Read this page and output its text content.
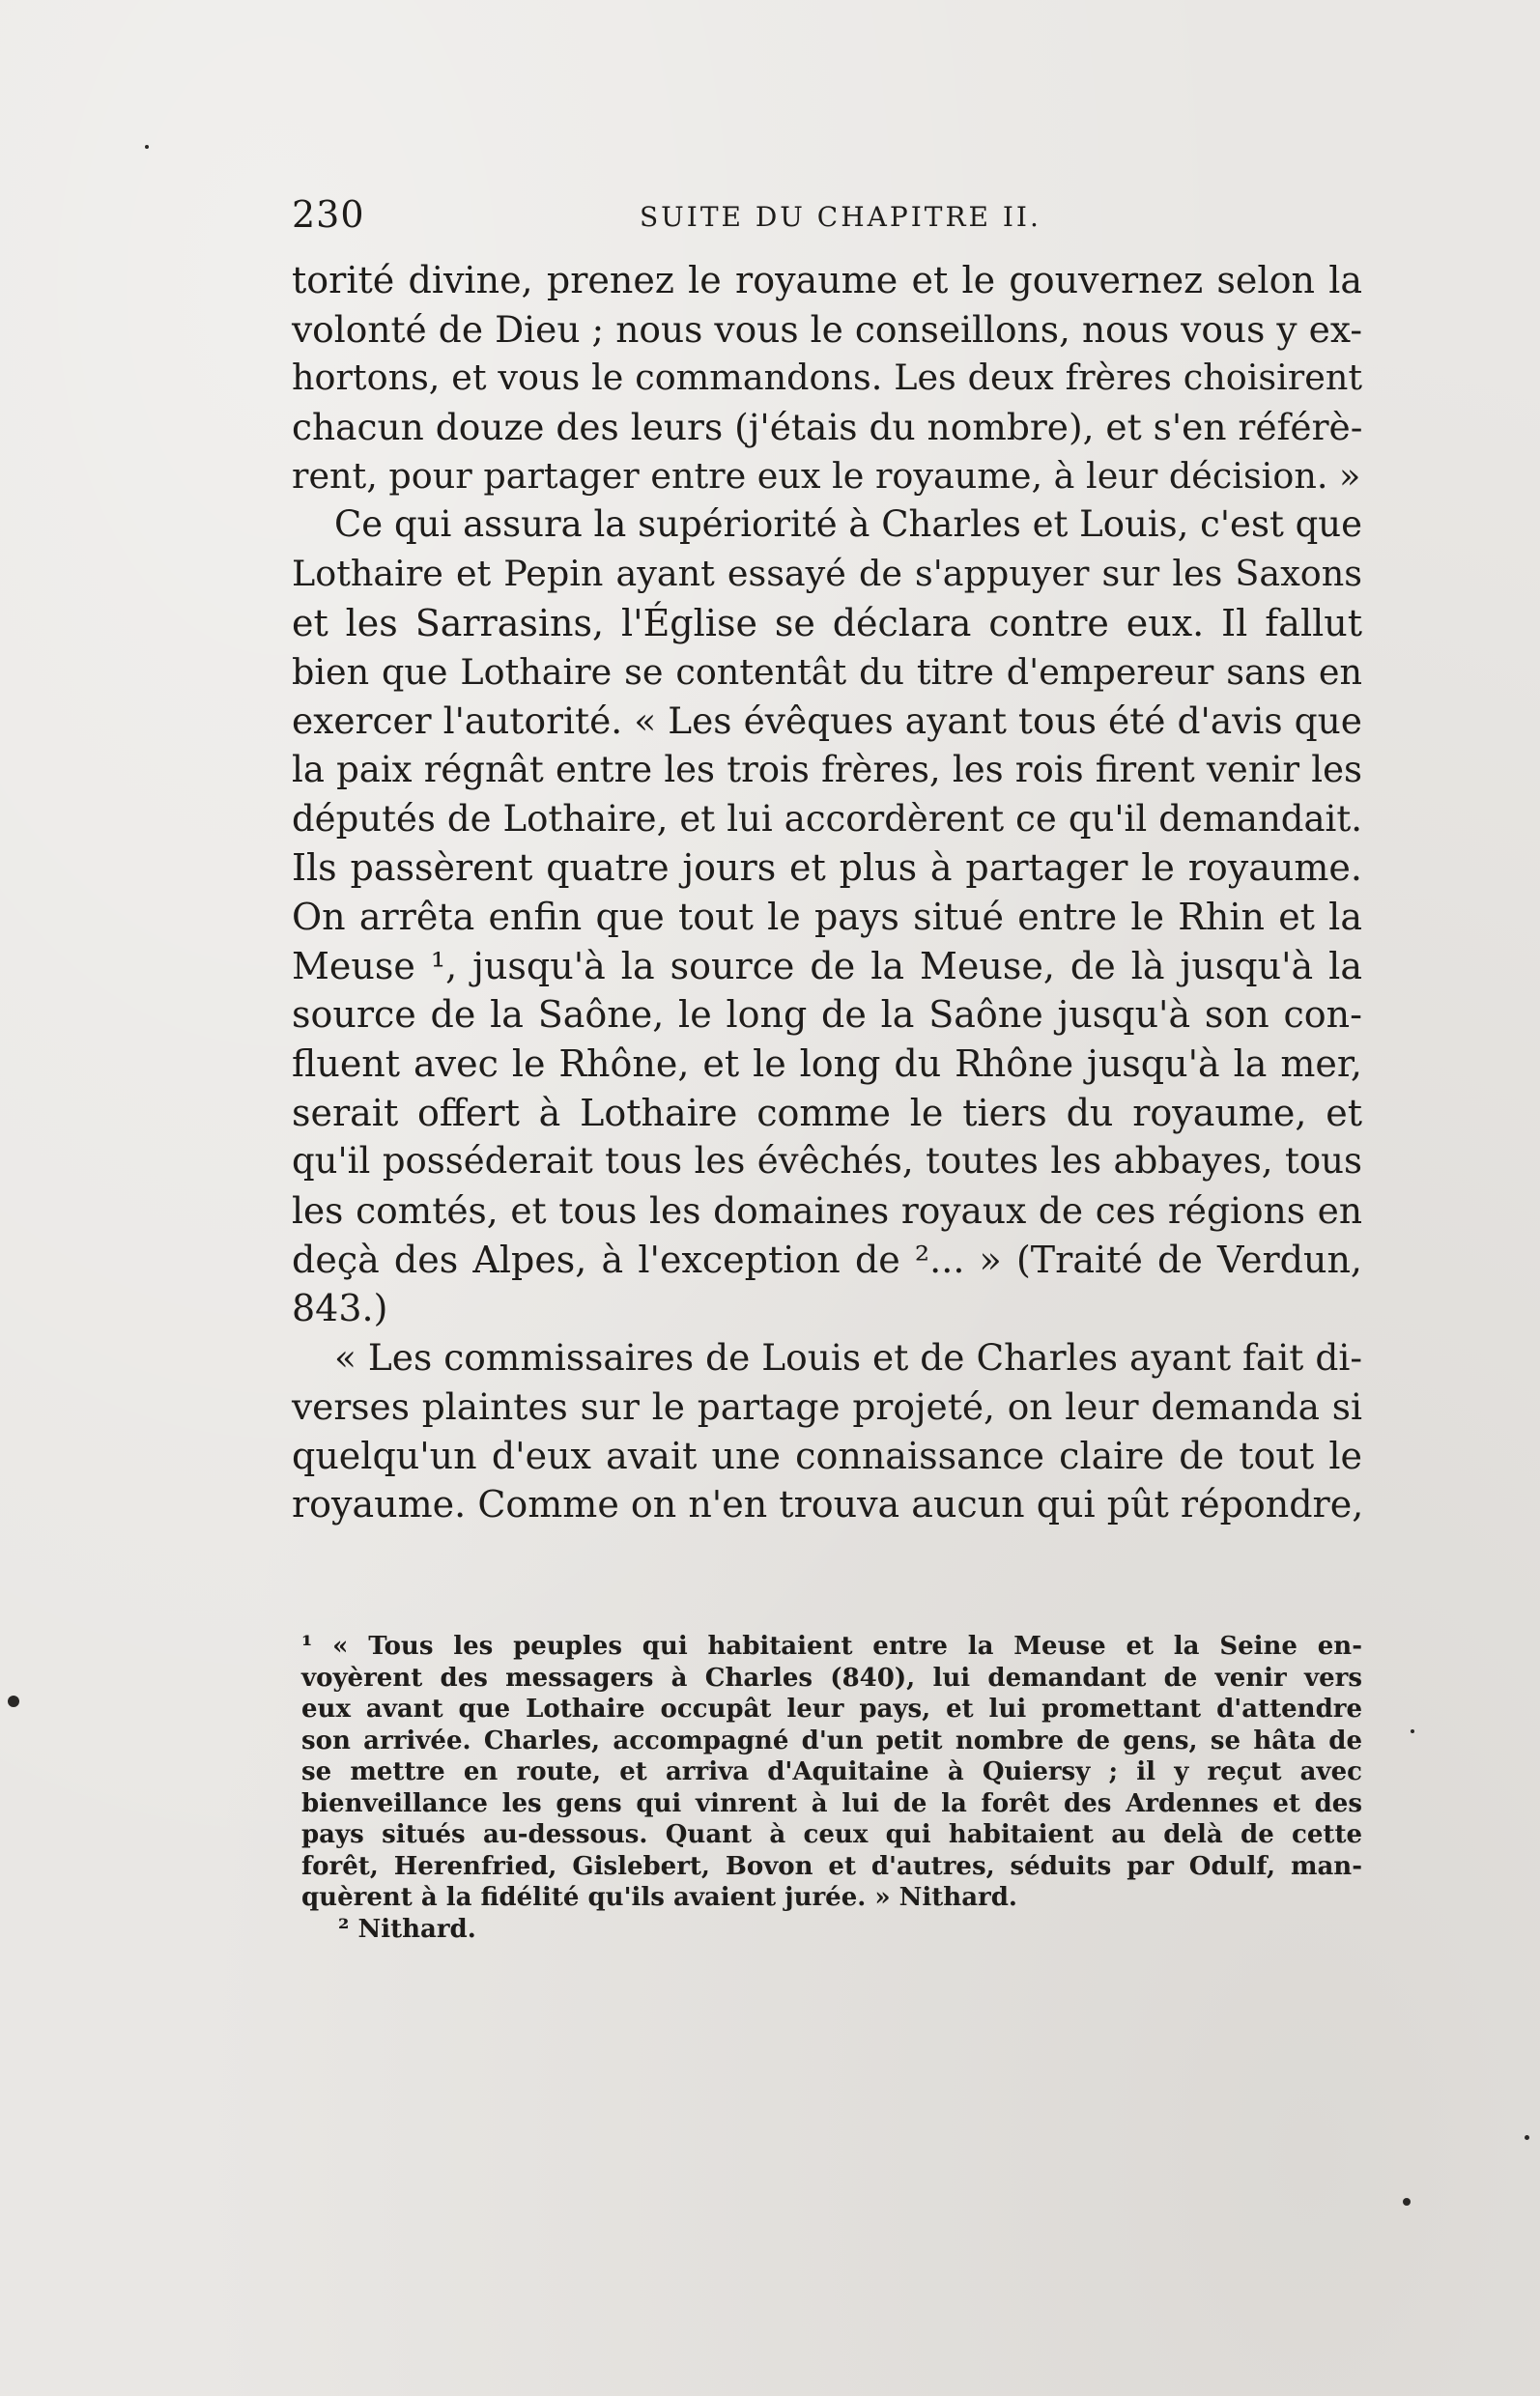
230	SUITE DU CHAPITRE II.
torité divine, prenez le royaume et le gouvernez selon la
volonté de Dieu ; nous vous le conseillons, nous vous y ex-
hortons, et vous le commandons. Les deux frères choisirent
chacun douze des leurs (j'étais du nombre), et s'en référè-
rent, pour partager entre eux le royaume, à leur décision. »
Ce qui assura la supériorité à Charles et Louis, c'est que
Lothaire et Pepin ayant essayé de s'appuyer sur les Saxons
et les Sarrasins, l'Église se déclara contre eux. Il fallut
bien que Lothaire se contentât du titre d'empereur sans en
exercer l'autorité. « Les évêques ayant tous été d'avis que
la paix régnât entre les trois frères, les rois firent venir les
députés de Lothaire, et lui accordèrent ce qu'il demandait.
Ils passèrent quatre jours et plus à partager le royaume.
On arrêta enfin que tout le pays situé entre le Rhin et la
Meuse ¹, jusqu'à la source de la Meuse, de là jusqu'à la
source de la Saône, le long de la Saône jusqu'à son con-
fluent avec le Rhône, et le long du Rhône jusqu'à la mer,
serait offert à Lothaire comme le tiers du royaume, et
qu'il posséderait tous les évêchés, toutes les abbayes, tous
les comtés, et tous les domaines royaux de ces régions en
deçà des Alpes, à l'exception de ²... » (Traité de Verdun,
843.)
« Les commissaires de Louis et de Charles ayant fait di-
verses plaintes sur le partage projeté, on leur demanda si
quelqu'un d'eux avait une connaissance claire de tout le
royaume. Comme on n'en trouva aucun qui pût répondre,
¹ « Tous les peuples qui habitaient entre la Meuse et la Seine en-
voyèrent des messagers à Charles (840), lui demandant de venir vers
eux avant que Lothaire occupât leur pays, et lui promettant d'attendre
son arrivée. Charles, accompagné d'un petit nombre de gens, se hâta de
se mettre en route, et arriva d'Aquitaine à Quiersy ; il y reçut avec
bienveillance les gens qui vinrent à lui de la forêt des Ardennes et des
pays situés au-dessous. Quant à ceux qui habitaient au delà de cette
forêt, Herenfried, Gislebert, Bovon et d'autres, séduits par Odulf, man-
quèrent à la fidélité qu'ils avaient jurée. » Nithard.
² Nithard.
